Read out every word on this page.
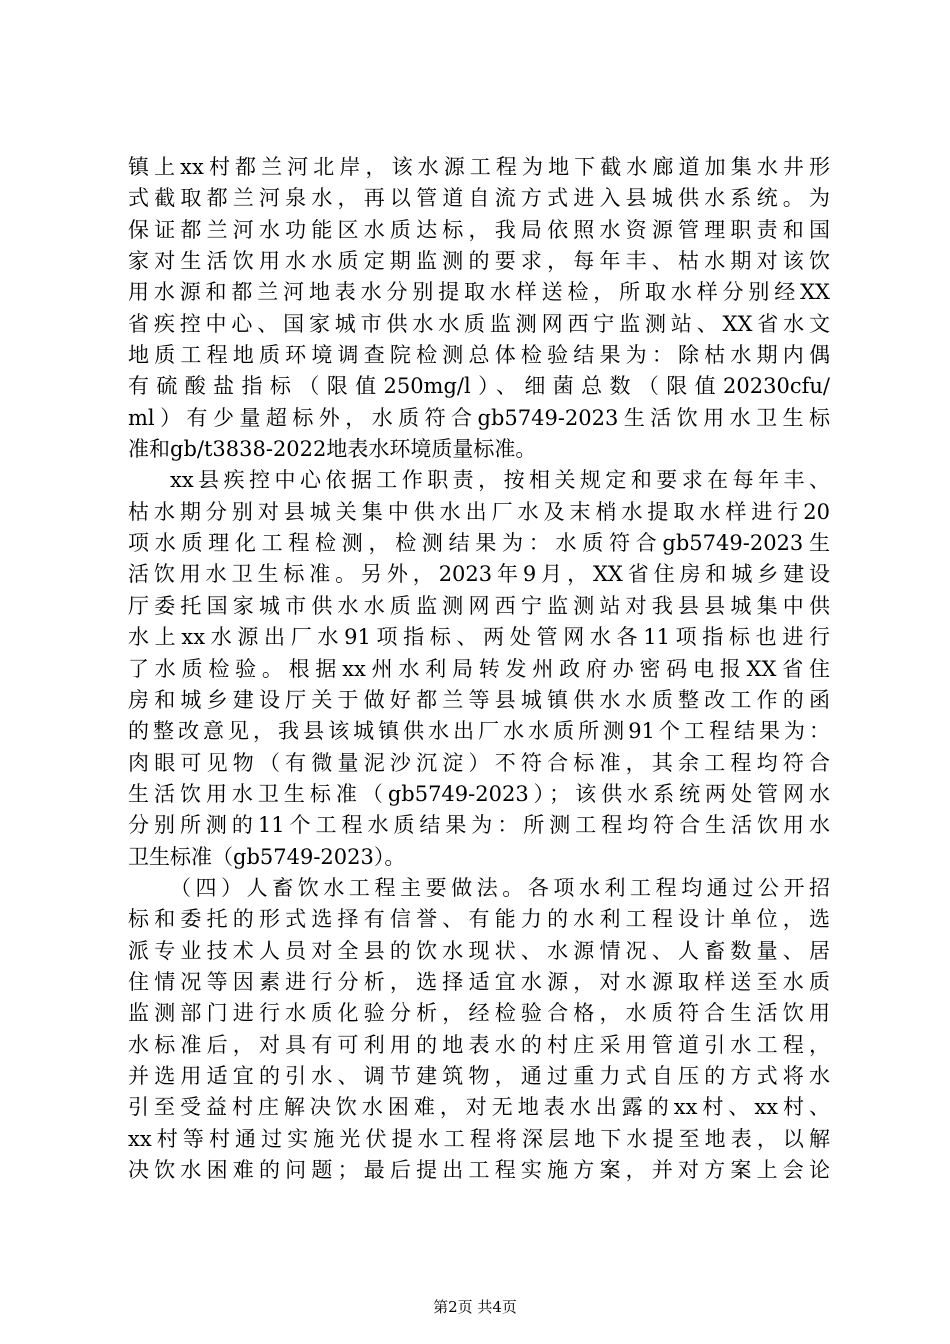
镇上xx村都兰河北岸，该水源工程为地下截水廊道加集水井形
式截取都兰河泉水，再以管道自流方式进入县城供水系统。为
保证都兰河水功能区水质达标，我局依照水资源管理职责和国
家对生活饮用水水质定期监测的要求，每年丰、枯水期对该饮
用水源和都兰河地表水分别提取水样送检，所取水样分别经XX
省疾控中心、国家城市供水水质监测网西宁监测站、XX省水文
地质工程地质环境调查院检测总体检验结果为：除枯水期内偶
有硫酸盐指标（限值250mg/l）、细菌总数（限值20230cfu/
ml）有少量超标外，水质符合gb5749-2023生活饮用水卫生标
准和gb/t3838-2022地表水环境质量标准。
xx县疾控中心依据工作职责，按相关规定和要求在每年丰、
枯水期分别对县城关集中供水出厂水及末梢水提取水样进行20
项水质理化工程检测，检测结果为：水质符合gb5749-2023生
活饮用水卫生标准。另外，2023年9月，XX省住房和城乡建设
厅委托国家城市供水水质监测网西宁监测站对我县县城集中供
水上xx水源出厂水91项指标、两处管网水各11项指标也进行
了水质检验。根据xx州水利局转发州政府办密码电报XX省住
房和城乡建设厅关于做好都兰等县城镇供水水质整改工作的函
的整改意见，我县该城镇供水出厂水水质所测91个工程结果为：
肉眼可见物（有微量泥沙沉淀）不符合标准，其余工程均符合
生活饮用水卫生标准（gb5749-2023）；该供水系统两处管网水
分别所测的11个工程水质结果为：所测工程均符合生活饮用水
卫生标准（gb5749-2023）。
（四）人畜饮水工程主要做法。各项水利工程均通过公开招
标和委托的形式选择有信誉、有能力的水利工程设计单位，选
派专业技术人员对全县的饮水现状、水源情况、人畜数量、居
住情况等因素进行分析，选择适宜水源，对水源取样送至水质
监测部门进行水质化验分析，经检验合格，水质符合生活饮用
水标准后，对具有可利用的地表水的村庄采用管道引水工程，
并选用适宜的引水、调节建筑物，通过重力式自压的方式将水
引至受益村庄解决饮水困难，对无地表水出露的xx村、xx村、
xx村等村通过实施光伏提水工程将深层地下水提至地表，以解
决饮水困难的问题；最后提出工程实施方案，并对方案上会论
第2页 共4页
